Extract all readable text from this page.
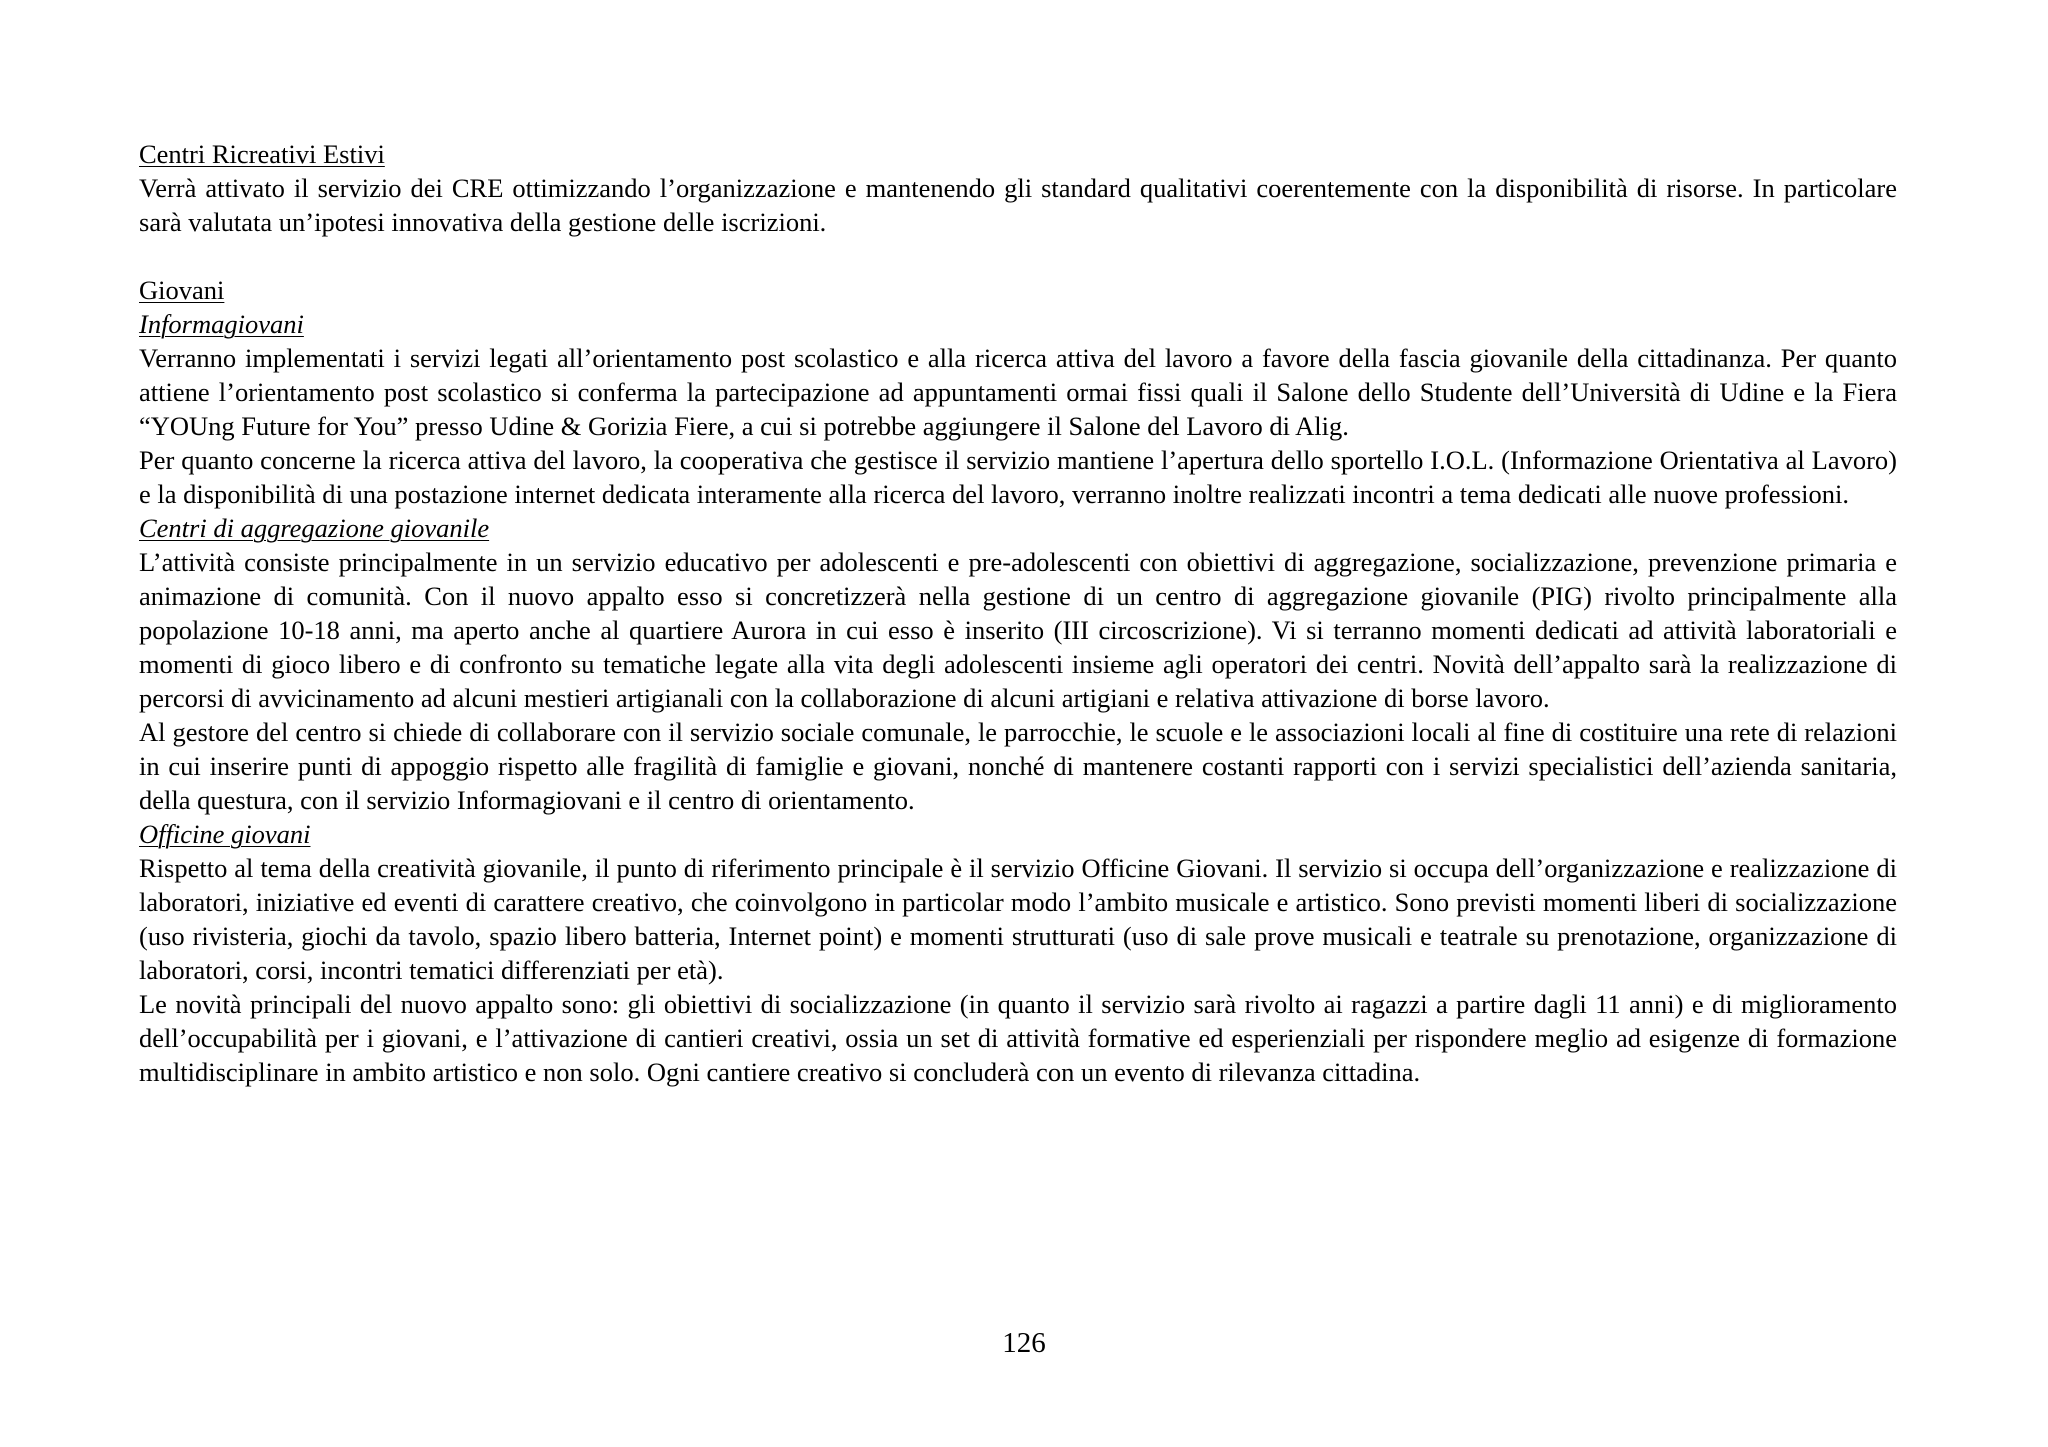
Centri Ricreativi Estivi

Verrà attivato il servizio dei CRE ottimizzando l’organizzazione e mantenendo gli standard qualitativi coerentemente con la disponibilità di risorse. In particolare sarà valutata un’ipotesi innovativa della gestione delle iscrizioni.

Giovani
Informagiovani

Verranno implementati i servizi legati all’orientamento post scolastico e alla ricerca attiva del lavoro a favore della fascia giovanile della cittadinanza. Per quanto attiene l’orientamento post scolastico si conferma la partecipazione ad appuntamenti ormai fissi quali il Salone dello Studente dell’Università di Udine e la Fiera “YOUng Future for You” presso Udine & Gorizia Fiere, a cui si potrebbe aggiungere il Salone del Lavoro di Alig.

Per quanto concerne la ricerca attiva del lavoro, la cooperativa che gestisce il servizio mantiene l’apertura dello sportello I.O.L. (Informazione Orientativa al Lavoro) e la disponibilità di una postazione internet dedicata interamente alla ricerca del lavoro, verranno inoltre realizzati incontri a tema dedicati alle nuove professioni.

Centri di aggregazione giovanile

L’attività consiste principalmente in un servizio educativo per adolescenti e pre-adolescenti con obiettivi di aggregazione, socializzazione, prevenzione primaria e animazione di comunità. Con il nuovo appalto esso si concretizzerà nella gestione di un centro di aggregazione giovanile (PIG) rivolto principalmente alla popolazione 10-18 anni, ma aperto anche al quartiere Aurora in cui esso è inserito (III circoscrizione). Vi si terranno momenti dedicati ad attività laboratoriali e momenti di gioco libero e di confronto su tematiche legate alla vita degli adolescenti insieme agli operatori dei centri. Novità dell’appalto sarà la realizzazione di percorsi di avvicinamento ad alcuni mestieri artigianali con la collaborazione di alcuni artigiani e relativa attivazione di borse lavoro.

Al gestore del centro si chiede di collaborare con il servizio sociale comunale, le parrocchie, le scuole e le associazioni locali al fine di costituire una rete di relazioni in cui inserire punti di appoggio rispetto alle fragilità di famiglie e giovani, nonché di mantenere costanti rapporti con i servizi specialistici dell’azienda sanitaria, della questura, con il servizio Informagiovani e il centro di orientamento.

Officine giovani

Rispetto al tema della creatività giovanile, il punto di riferimento principale è il servizio Officine Giovani. Il servizio si occupa dell’organizzazione e realizzazione di laboratori, iniziative ed eventi di carattere creativo, che coinvolgono in particolar modo l’ambito musicale e artistico. Sono previsti momenti liberi di socializzazione (uso rivisteria, giochi da tavolo, spazio libero batteria, Internet point) e momenti strutturati (uso di sale prove musicali e teatrale su prenotazione, organizzazione di laboratori, corsi, incontri tematici differenziati per età).

Le novità principali del nuovo appalto sono: gli obiettivi di socializzazione (in quanto il servizio sarà rivolto ai ragazzi a partire dagli 11 anni) e di miglioramento dell’occupabilità per i giovani, e l’attivazione di cantieri creativi, ossia un set di attività formative ed esperienziali per rispondere meglio ad esigenze di formazione multidisciplinare in ambito artistico e non solo. Ogni cantiere creativo si concluderà con un evento di rilevanza cittadina.

126
